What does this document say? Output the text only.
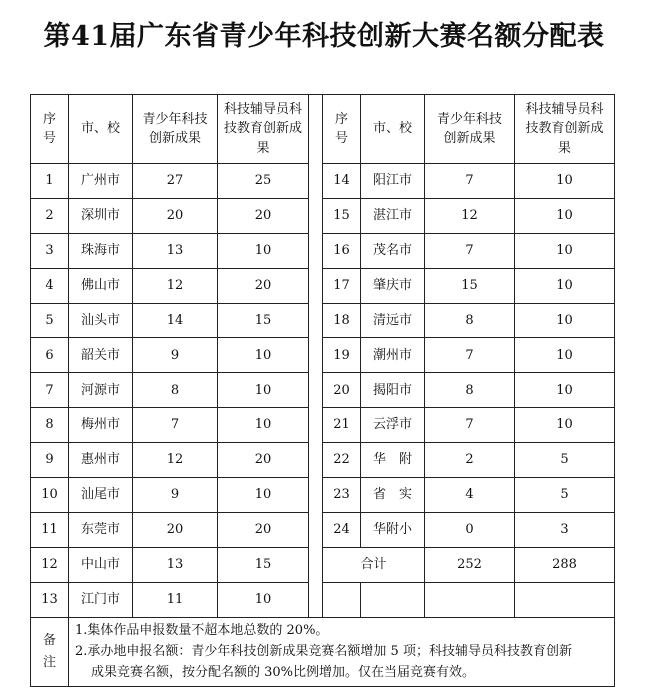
第41届广东省青少年科技创新大赛名额分配表
序号	市、校	青少年科技创新成果	科技辅导员科技教育创新成果		序号	市、校	青少年科技创新成果	科技辅导员科技教育创新成果
1	广州市	27	25		14	阳江市	7	10
2	深圳市	20	20		15	湛江市	12	10
3	珠海市	13	10		16	茂名市	7	10
4	佛山市	12	20		17	肇庆市	15	10
5	汕头市	14	15		18	清远市	8	10
6	韶关市	9	10		19	潮州市	7	10
7	河源市	8	10		20	揭阳市	8	10
8	梅州市	7	10		21	云浮市	7	10
9	惠州市	12	20		22	华　附	2	5
10	汕尾市	9	10		23	省　实	4	5
11	东莞市	20	20		24	华附小	0	3
12	中山市	13	15		合计		252	288
13	江门市	11	10					
备注	1.集体作品申报数量不超本地总数的 20%。
2.承办地申报名额：青少年科技创新成果竞赛名额增加 5 项；科技辅导员科技教育创新
成果竞赛名额，按分配名额的 30%比例增加。仅在当届竞赛有效。							
